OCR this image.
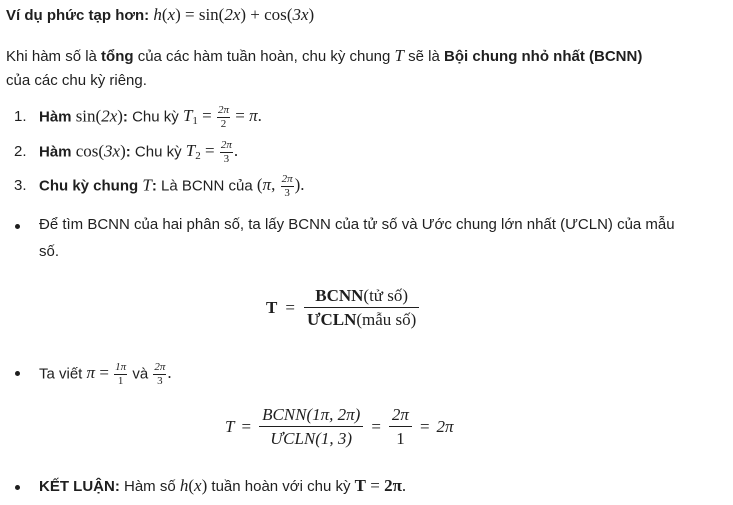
Ví dụ phức tạp hơn: h(x) = sin(2x) + cos(3x)
Khi hàm số là tổng của các hàm tuần hoàn, chu kỳ chung T sẽ là Bội chung nhỏ nhất (BCNN)
của các chu kỳ riêng.
1. Hàm sin(2x): Chu kỳ $T_1 = \frac{2\pi}{2} = \pi$.
2. Hàm cos(3x): Chu kỳ $T_2 = \frac{2\pi}{3}$ .
3. Chu kỳ chung T: Là BCNN của (π, $\frac{2\pi}{3}$ ).
Để tìm BCNN của hai phân số, ta lấy BCNN của tử số và Ước chung lớn nhất (ƯCLN) của mẫu
số.
$T = \frac{\text{BCNN(tử số)}}{\text{ƯCLN(mẫu số)}}$
Ta viết $\pi = \frac{1\pi}{1}$ và $\frac{2\pi}{3}$ .
$T = \frac{\text{BCNN(1π, 2π)}}{\text{ƯCLN(1, 3)}} = \frac{2\pi}{1} = 2\pi$
KẾT LUẬN: Hàm số h(x) tuần hoàn với chu kỳ T = 2π.
